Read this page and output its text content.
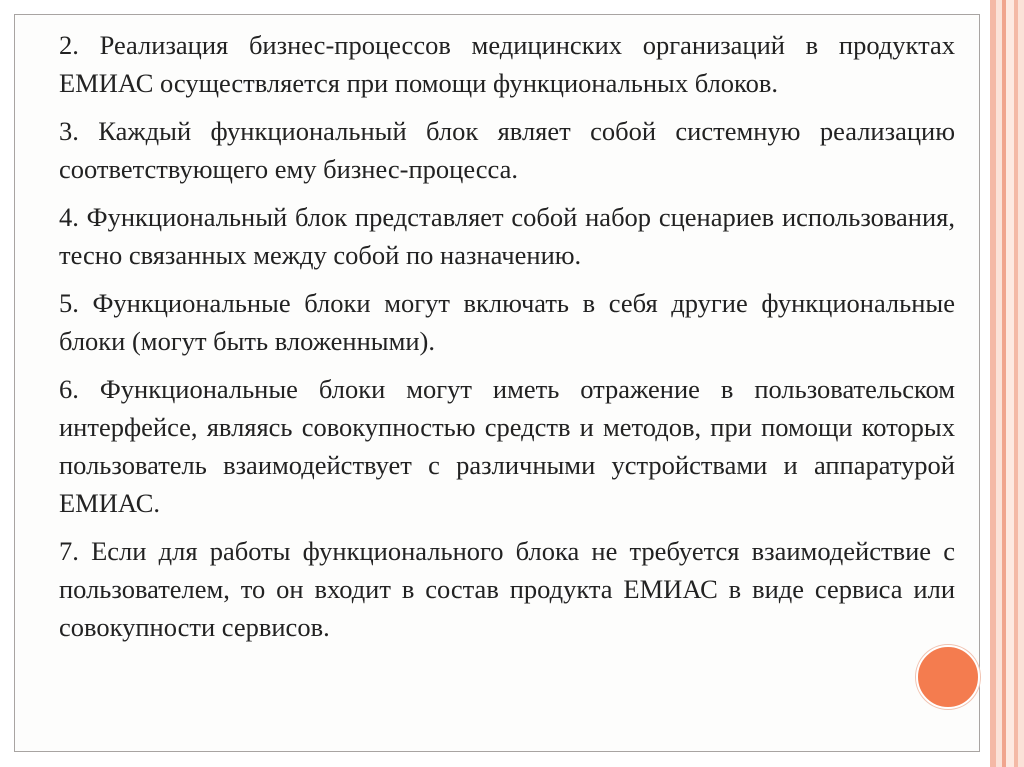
2. Реализация бизнес-процессов медицинских организаций в продуктах ЕМИАС осуществляется при помощи функциональных блоков.

3. Каждый функциональный блок являет собой системную реализацию соответствующего ему бизнес-процесса.

4. Функциональный блок представляет собой набор сценариев использования, тесно связанных между собой по назначению.

5. Функциональные блоки могут включать в себя другие функциональные блоки (могут быть вложенными).

6. Функциональные блоки могут иметь отражение в пользовательском интерфейсе, являясь совокупностью средств и методов, при помощи которых пользователь взаимодействует с различными устройствами и аппаратурой ЕМИАС.

7. Если для работы функционального блока не требуется взаимодействие с пользователем, то он входит в состав продукта ЕМИАС в виде сервиса или совокупности сервисов.
